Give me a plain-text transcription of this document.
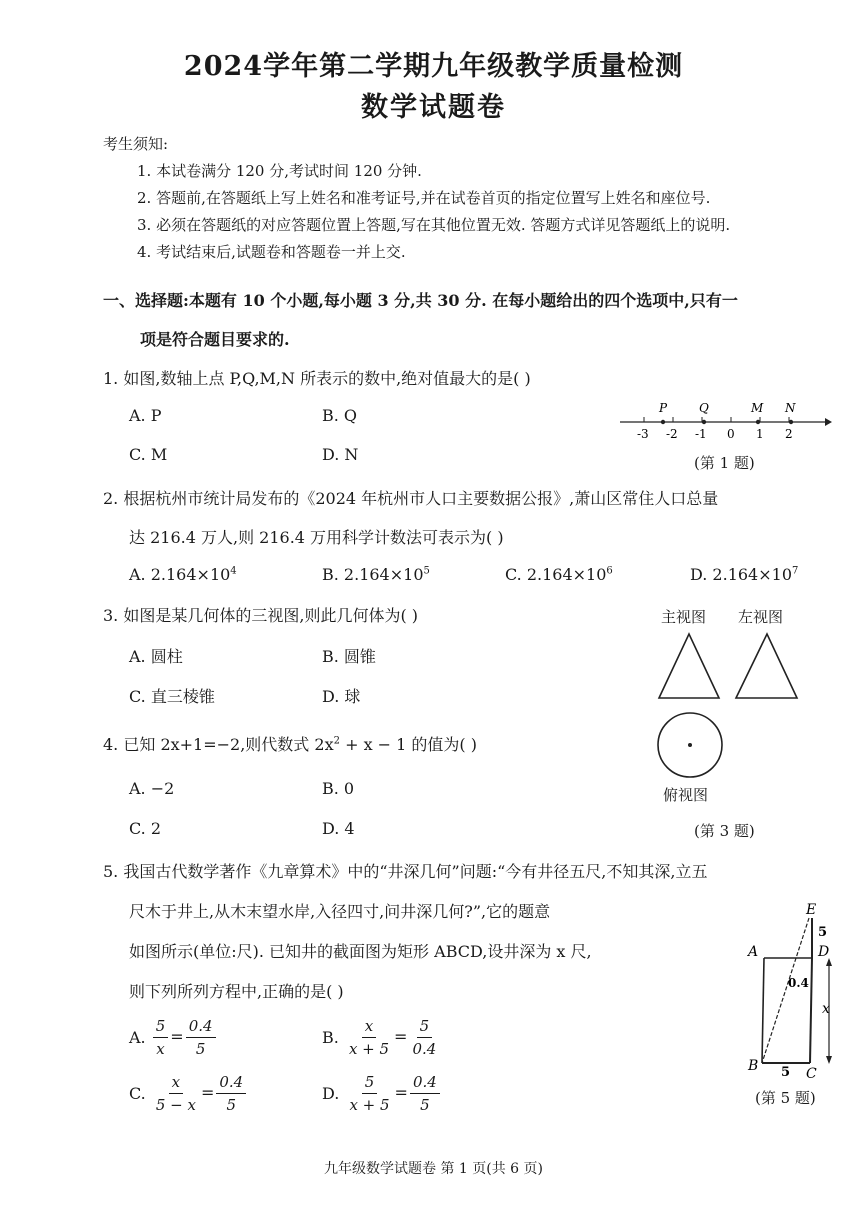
2024学年第二学期九年级教学质量检测
数学试题卷
考生须知:
1. 本试卷满分 120 分,考试时间 120 分钟.
2. 答题前,在答题纸上写上姓名和准考证号,并在试卷首页的指定位置写上姓名和座位号.
3. 必须在答题纸的对应答题位置上答题,写在其他位置无效. 答题方式详见答题纸上的说明.
4. 考试结束后,试题卷和答题卷一并上交.
一、选择题:本题有 10 个小题,每小题 3 分,共 30 分. 在每小题给出的四个选项中,只有一
项是符合题目要求的.
1. 如图,数轴上点 P,Q,M,N 所表示的数中,绝对值最大的是( )
A. P	B. Q
C. M	D. N
-3 -2 -1 0 1 2
P	Q	M N
(第 1 题)
2. 根据杭州市统计局发布的《2024 年杭州市人口主要数据公报》,萧山区常住人口总量
达 216.4 万人,则 216.4 万用科学计数法可表示为( )
A. $2.164\times 10^4$	B. $2.164\times 10^5$	C. $2.164\times 10^6$	D. $2.164\times 10^7$
3. 如图是某几何体的三视图,则此几何体为( )
A. 圆柱	B. 圆锥
C. 直三棱锥	D. 球
主视图 左视图
俯视图
(第 3 题)
4. 已知 2x+1=−2,则代数式 $2x^2 + x - 1$ 的值为( )
A. −2	B. 0
C. 2	D. 4
5. 我国古代数学著作《九章算术》中的“井深几何”问题:“今有井径五尺,不知其深,立五
尺木于井上,从木末望水岸,入径四寸,问井深几何?”,它的题意
如图所示(单位:尺). 已知井的截面图为矩形 ABCD,设井深为 x 尺,
则下列所列方程中,正确的是( )
A. $\frac{5}{x} = \frac{0.4}{5}$	B. $\frac{x}{x + 5} = \frac{5}{0.4}$
C. $\frac{x}{5 - x} = \frac{0.4}{5}$	D. $\frac{5}{x + 5} = \frac{0.4}{5}$
E
A	D
B	C
5
0.4
x
5
(第 5 题)
九年级数学试题卷 第 1 页(共 6 页)
